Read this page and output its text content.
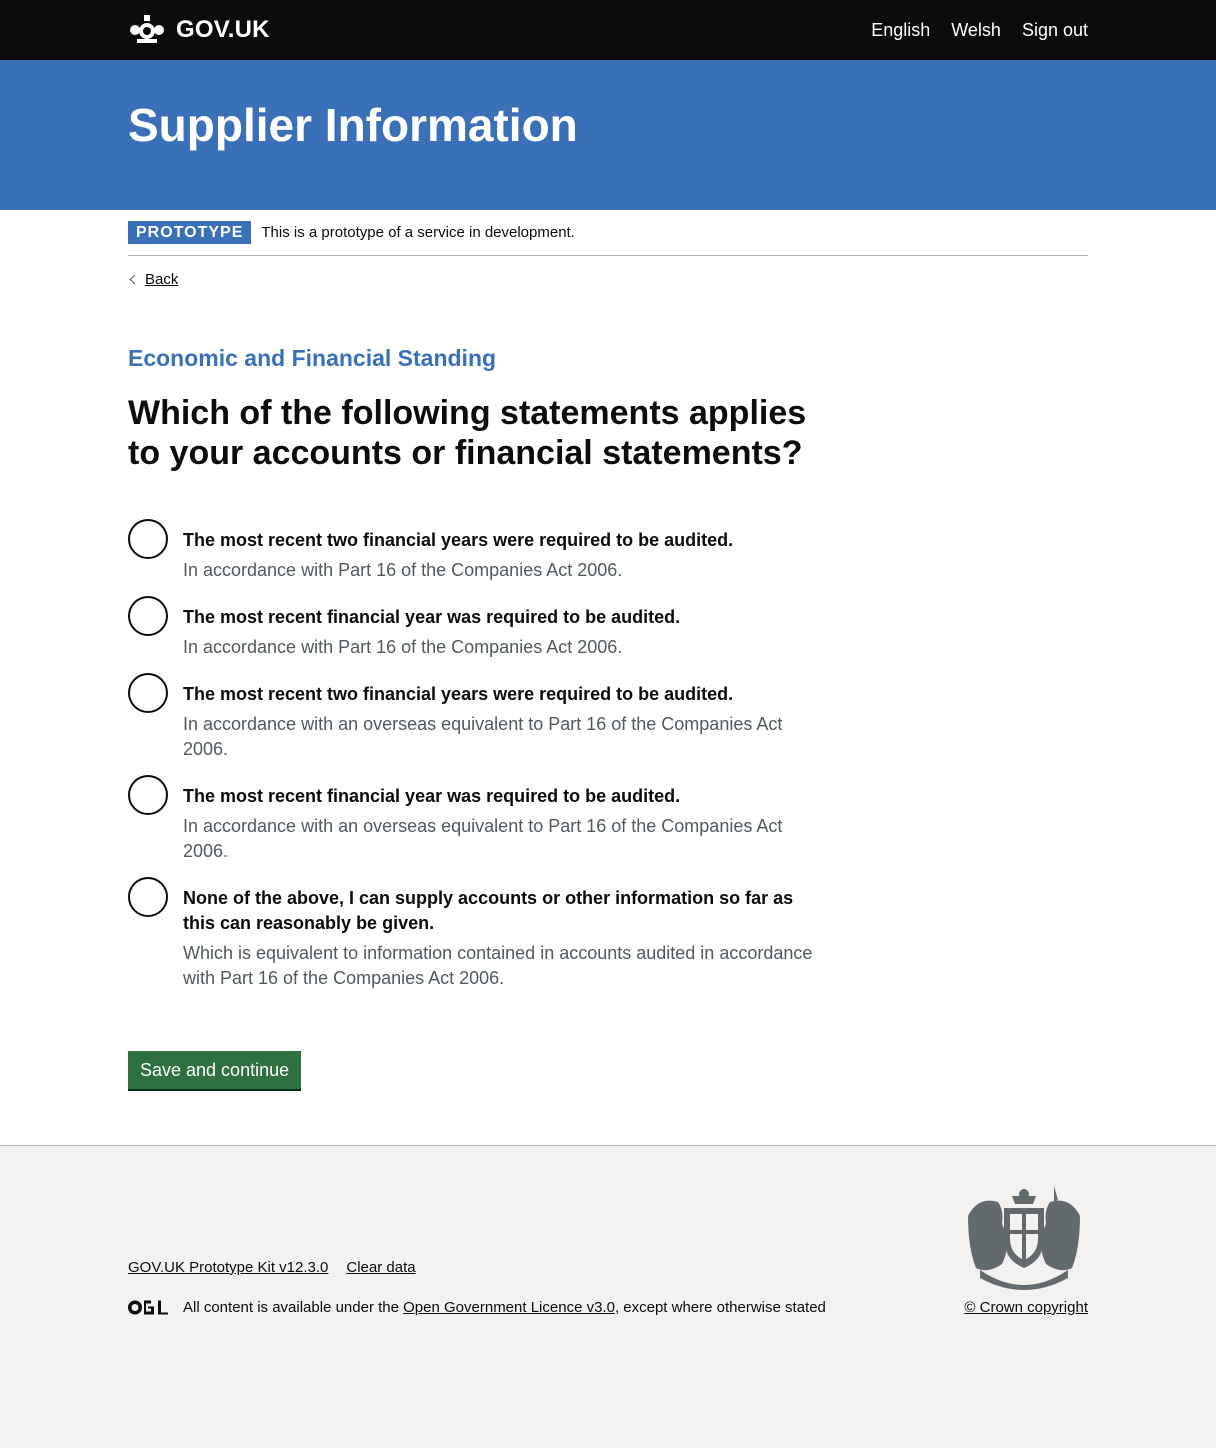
GOV.UK	English Welsh Sign out
Supplier Information
PROTOTYPE	This is a prototype of a service in development.
Back
Economic and Financial Standing
Which of the following statements applies to your accounts or financial statements?
The most recent two financial years were required to be audited.
In accordance with Part 16 of the Companies Act 2006.
The most recent financial year was required to be audited.
In accordance with Part 16 of the Companies Act 2006.
The most recent two financial years were required to be audited.
In accordance with an overseas equivalent to Part 16 of the Companies Act 2006.
The most recent financial year was required to be audited.
In accordance with an overseas equivalent to Part 16 of the Companies Act 2006.
None of the above, I can supply accounts or other information so far as this can reasonably be given.
Which is equivalent to information contained in accounts audited in accordance with Part 16 of the Companies Act 2006.
Save and continue
GOV.UK Prototype Kit v12.3.0 Clear data
All content is available under the Open Government Licence v3.0 , except where otherwise stated	© Crown copyright
